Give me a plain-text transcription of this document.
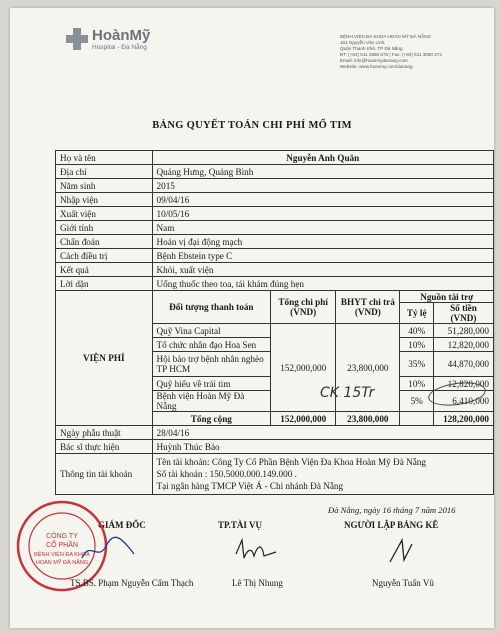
HoànMỹ
Hospital - Đà Nẵng
BỆNH VIỆN ĐA KHOA HOÀN MỸ ĐÀ NẴNG
161 Nguyễn Văn Linh,
Quận Thanh Khê, TP Đà Nẵng
ĐT: (+84) 511 3650 676 | Fax: (+84) 511 3650 272
Email: info@hoanmydanang.com
Website: www.hoanmy.com/danang
BẢNG QUYẾT TOÁN CHI PHÍ MỔ TIM
Họ và tên	Nguyễn Anh Quân				
Địa chỉ	Quảng Hưng, Quảng Bình				
Năm sinh	2015				
Nhập viện	09/04/16				
Xuất viện	10/05/16				
Giới tính	Nam				
Chẩn đoán	Hoán vị đại động mạch				
Cách điều trị	Bệnh Ebstein type C				
Kết quả	Khỏi, xuất viện				
Lời dặn	Uống thuốc theo toa, tái khám đúng hẹn				
VIỆN PHÍ	Đối tượng thanh toán	Tổng chi phí (VND)	BHYT chi trả (VND)	Nguồn tài trợ	
				Tỷ lệ	Số tiền (VND)
	Quỹ Vina Capital	152,000,000	23,800,000	40%	51,280,000
	Tổ chức nhân đạo Hoa Sen			10%	12,820,000
	Hội bảo trợ bệnh nhân nghèo TP HCM			35%	44,870,000
	Quỹ hiểu về trái tim			10%	12,820,000
	Bệnh viện Hoàn Mỹ Đà Nẵng			5%	6,410,000
	Tổng cộng	152,000,000	23,800,000		128,200,000
Ngày phẫu thuật	28/04/16				
Bác sĩ thực hiện	Huỳnh Thúc Bảo				
Thông tin tài khoản	Tên tài khoản: Công Ty Cổ Phần Bệnh Viện Đa Khoa Hoàn Mỹ Đà Nẵng
Số tài khoản : 150.5000.000.149.000 .
Tại ngân hàng TMCP Việt Á - Chi nhánh Đà Nẵng				
CK 15Tr
Đà Nẵng, ngày 16 tháng 7 năm 2016
GIÁM ĐỐC	TP.TÀI VỤ	NGƯỜI LẬP BẢNG KÊ
CÔNG TY
CỔ PHẦN
BỆNH VIỆN ĐA KHOA
HOÀN MỸ ĐÀ NẴNG
TS.BS. Phạm Nguyễn Cẩm Thạch	Lê Thị Nhung	Nguyễn Tuấn Vũ
